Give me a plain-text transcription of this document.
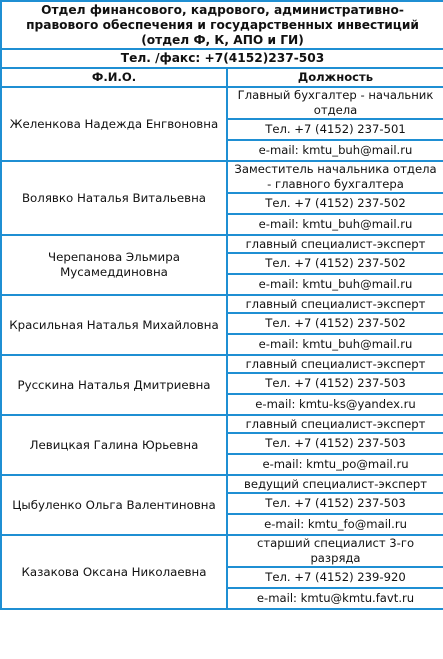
Отдел финансового, кадрового, административно-правового обеспечения и государственных инвестиций (отдел Ф, К, АПО и ГИ)	
Тел. /факс: +7(4152)237-503	
Ф.И.О.	Должность
Желенкова Надежда Енгвоновна	Главный бухгалтер - начальник отдела
	Тел. +7 (4152) 237-501
	e-mail: kmtu_buh@mail.ru
Волявко Наталья Витальевна	Заместитель начальника отдела - главного бухгалтера
	Тел. +7 (4152) 237-502
	e-mail: kmtu_buh@mail.ru
Черепанова Эльмира Мусамеддиновна	главный специалист-эксперт
	Тел. +7 (4152) 237-502
	e-mail: kmtu_buh@mail.ru
Красильная Наталья Михайловна	главный специалист-эксперт
	Тел. +7 (4152) 237-502
	e-mail: kmtu_buh@mail.ru
Русскина Наталья Дмитриевна	главный специалист-эксперт
	Тел. +7 (4152) 237-503
	e-mail: kmtu-ks@yandex.ru
Левицкая Галина Юрьевна	главный специалист-эксперт
	Тел. +7 (4152) 237-503
	e-mail: kmtu_po@mail.ru
Цыбуленко Ольга Валентиновна	ведущий специалист-эксперт
	Тел. +7 (4152) 237-503
	e-mail: kmtu_fo@mail.ru
Казакова Оксана Николаевна	старший специалист 3-го разряда
	Тел. +7 (4152) 239-920
	e-mail: kmtu@kmtu.favt.ru
